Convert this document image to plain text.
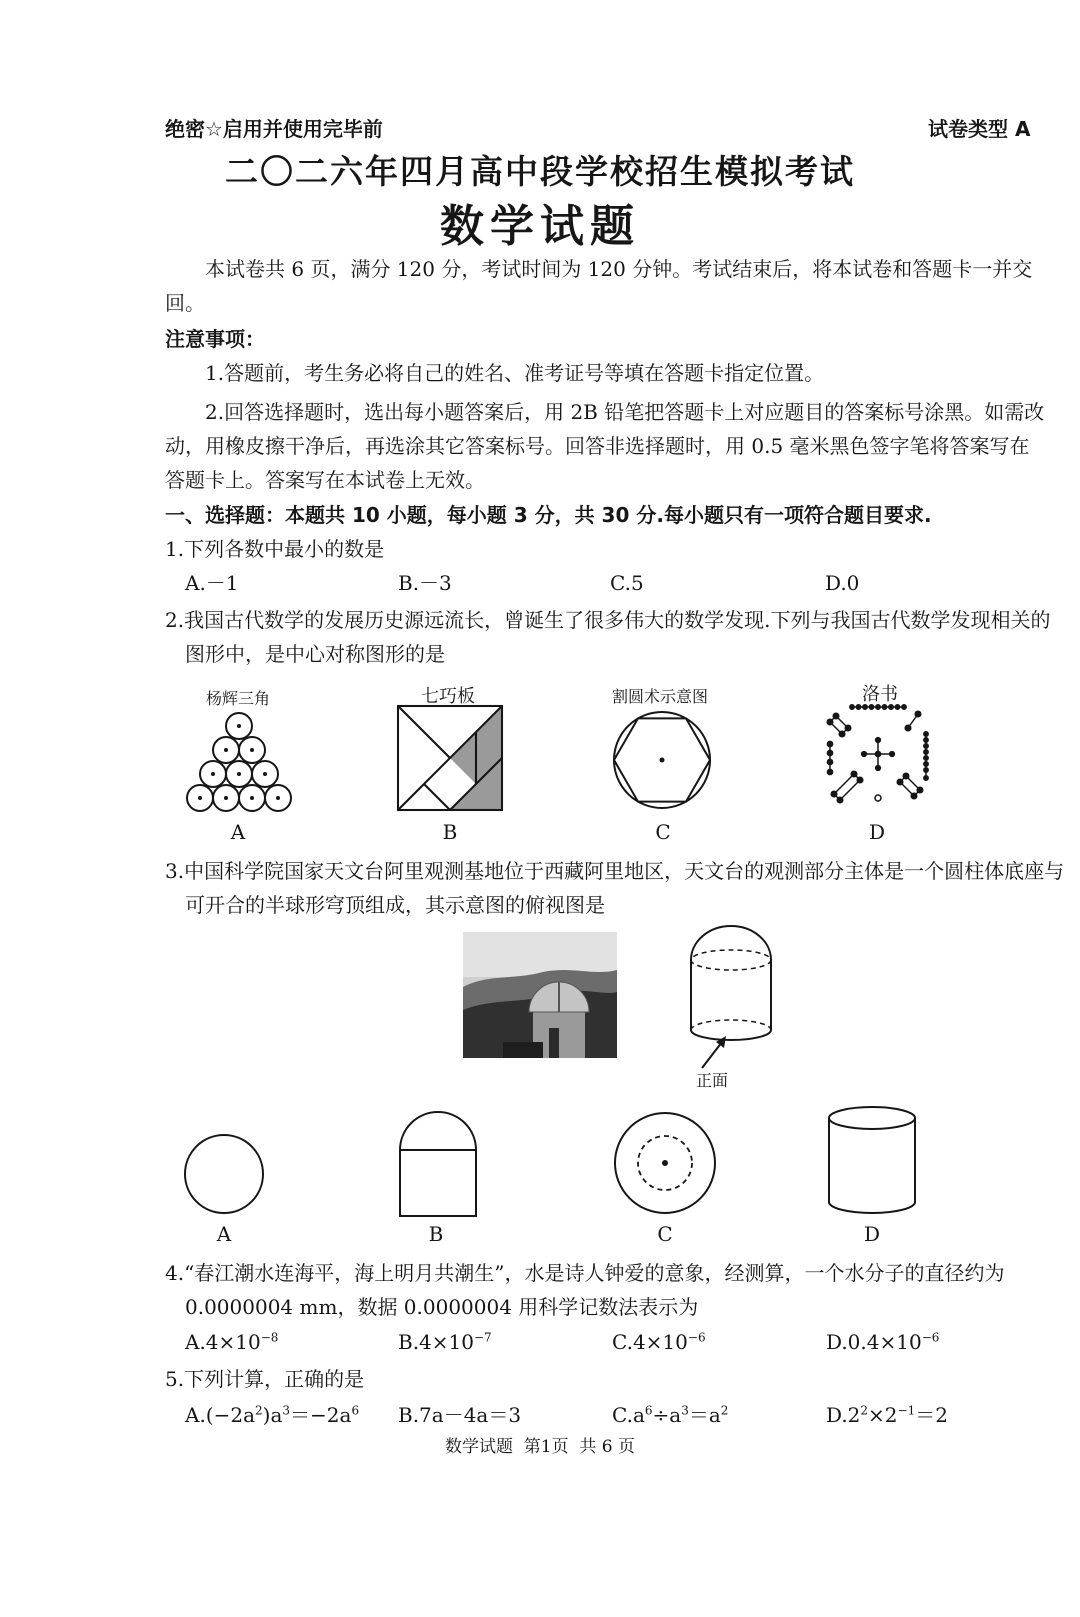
绝密☆启用并使用完毕前	试卷类型 A
二〇二六年四月高中段学校招生模拟考试
数学试题
本试卷共 6 页，满分 120 分，考试时间为 120 分钟。考试结束后，将本试卷和答题卡一并交回。
注意事项：
1.答题前，考生务必将自己的姓名、准考证号等填在答题卡指定位置。
2.回答选择题时，选出每小题答案后，用 2B 铅笔把答题卡上对应题目的答案标号涂黑。如需改动，用橡皮擦干净后，再选涂其它答案标号。回答非选择题时，用 0.5 毫米黑色签字笔将答案写在答题卡上。答案写在本试卷上无效。
一、选择题：本题共 10 小题，每小题 3 分，共 30 分.每小题只有一项符合题目要求.
1.下列各数中最小的数是
A.－1	B.－3	C.5	D.0
2.我国古代数学的发展历史源远流长，曾诞生了很多伟大的数学发现.下列与我国古代数学发现相关的图形中，是中心对称图形的是
杨辉三角	七巧板	割圆术示意图	洛书
A	B	C	D
3.中国科学院国家天文台阿里观测基地位于西藏阿里地区，天文台的观测部分主体是一个圆柱体底座与可开合的半球形穹顶组成，其示意图的俯视图是
正面
A	B	C	D
4.“春江潮水连海平，海上明月共潮生”，水是诗人钟爱的意象，经测算，一个水分子的直径约为 0.0000004 mm，数据 0.0000004 用科学记数法表示为
$A.4\times 10^{-8}$	$B.4\times 10^{-7}$	$C.4\times 10^{-6}$	$D.0.4\times 10^{-6}$
5.下列计算，正确的是
$A.(-2a^2)a^3=-2a^6$ B.7a－4a＝3	$C.a^6\div a^3=a^2$	$D.2^2\times 2^{-1}=2$
数学试题  第1页  共 6 页
